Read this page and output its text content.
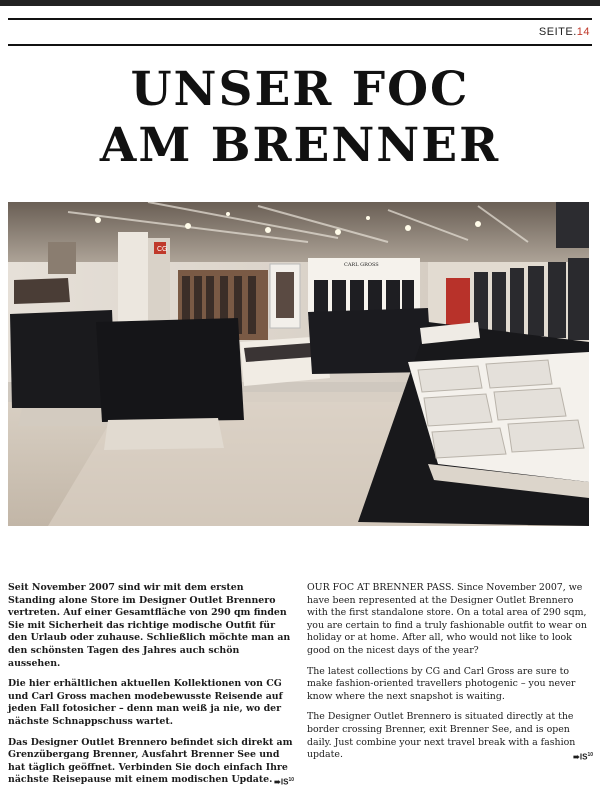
SEITE.14
UNSER FOC
AM BRENNER
CG
CARL GROSS

Seit November 2007 sind wir mit dem ersten Standing alone Store im Designer Outlet Brennero vertreten. Auf einer Gesamtfläche von 290 qm finden Sie mit Sicherheit das richtige modische Outfit für den Urlaub oder zuhause. Schließlich möchte man an den schönsten Tagen des Jahres auch schön aussehen.

Die hier erhältlichen aktuellen Kollektionen von CG und Carl Gross machen modebewusste Reisende auf jeden Fall fotosicher – denn man weiß ja nie, wo der nächste Schnappschuss wartet.

Das Designer Outlet Brennero befindet sich direkt am Grenzübergang Brenner, Ausfahrt Brenner See und hat täglich geöffnet. Verbinden Sie doch einfach Ihre nächste Reisepause mit einem modischen Update. ➠IS$^{10}$

OUR FOC AT BRENNER PASS. Since November 2007, we have been represented at the Designer Outlet Brennero with the first standalone store. On a total area of 290 sqm, you are certain to find a truly fashionable outfit to wear on holiday or at home. After all, who would not like to look good on the nicest days of the year?

The latest collections by CG and Carl Gross are sure to make fashion-oriented travellers photogenic – you never know where the next snapshot is waiting.

The Designer Outlet Brennero is situated directly at the border crossing Brenner, exit Brenner See, and is open daily. Just combine your next travel break with a fashion update.	➠IS$^{10}$
